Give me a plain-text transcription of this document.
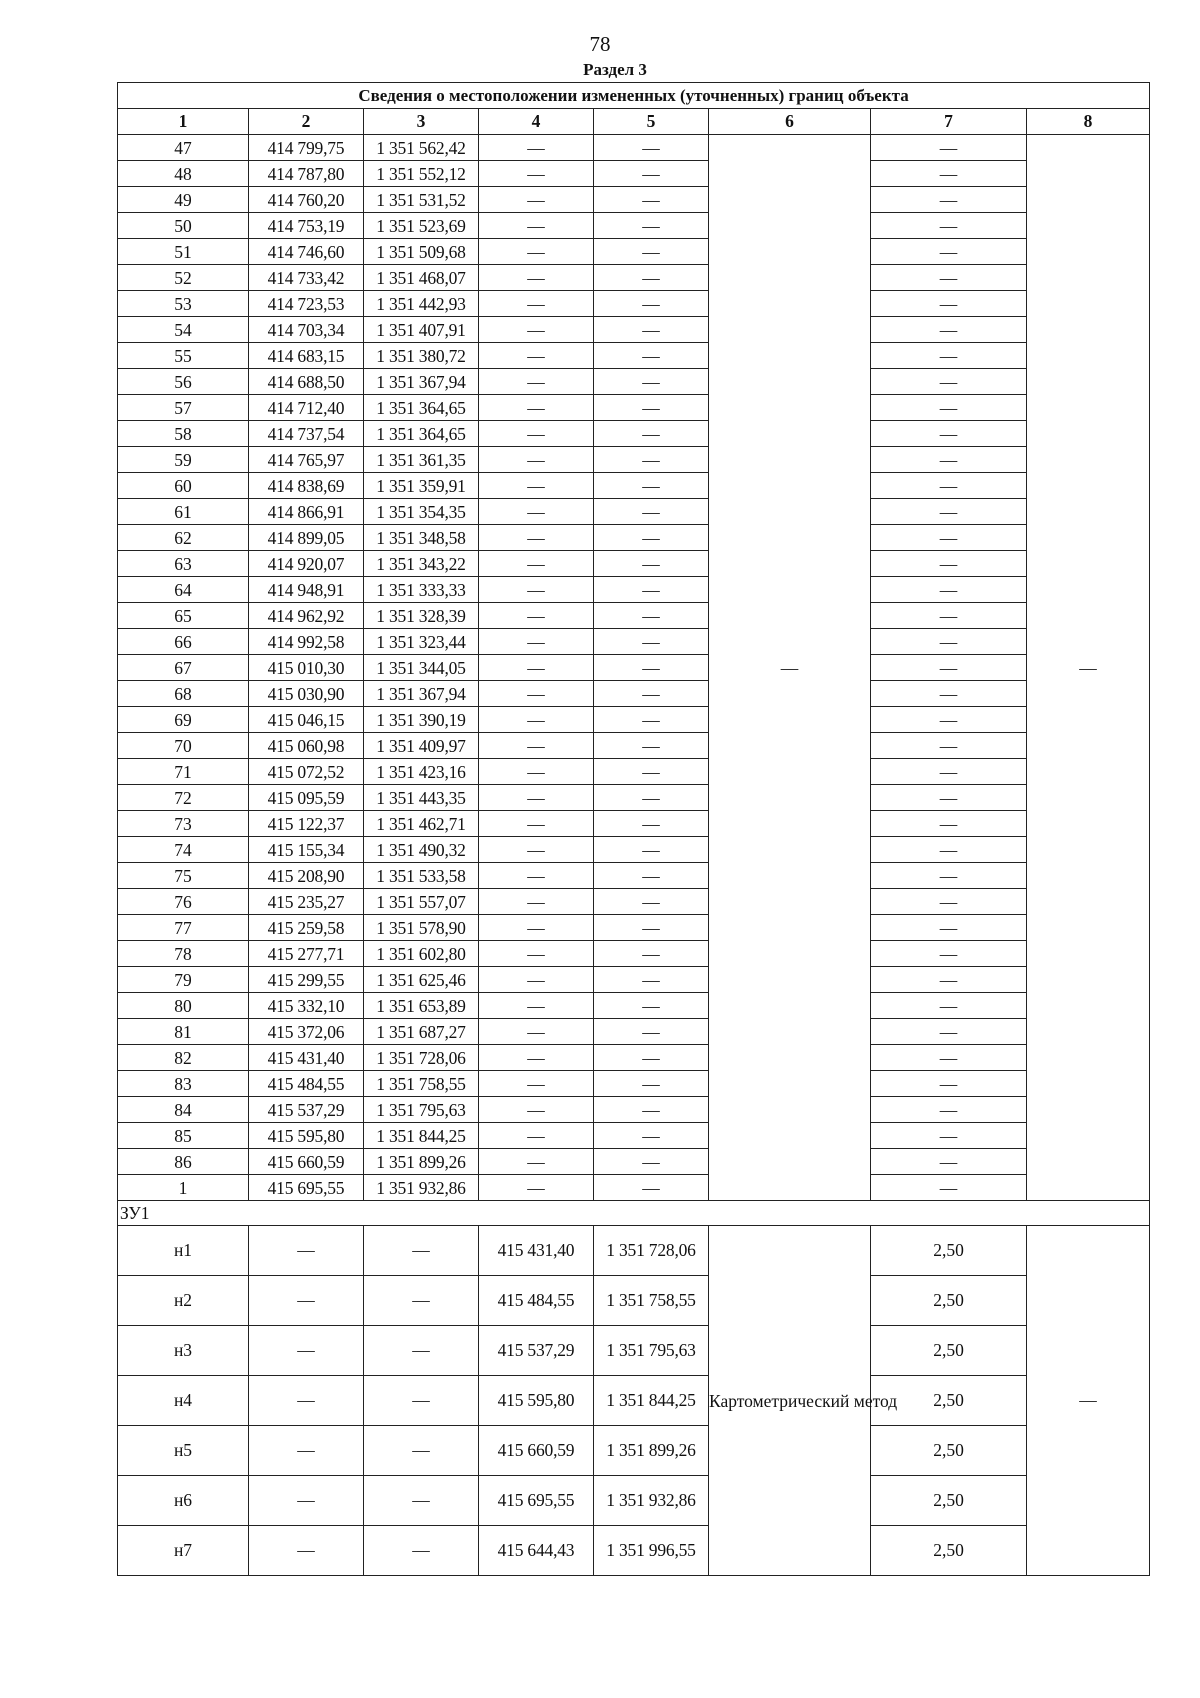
78
Раздел 3
Сведения о местоположении измененных (уточненных) границ объекта							
1	2	3	4	5	6	7	8
47	414 799,75	1 351 562,42	—	—	—	—	—
48	414 787,80	1 351 552,12	—	—		—	
49	414 760,20	1 351 531,52	—	—		—	
50	414 753,19	1 351 523,69	—	—		—	
51	414 746,60	1 351 509,68	—	—		—	
52	414 733,42	1 351 468,07	—	—		—	
53	414 723,53	1 351 442,93	—	—		—	
54	414 703,34	1 351 407,91	—	—		—	
55	414 683,15	1 351 380,72	—	—		—	
56	414 688,50	1 351 367,94	—	—		—	
57	414 712,40	1 351 364,65	—	—		—	
58	414 737,54	1 351 364,65	—	—		—	
59	414 765,97	1 351 361,35	—	—		—	
60	414 838,69	1 351 359,91	—	—		—	
61	414 866,91	1 351 354,35	—	—		—	
62	414 899,05	1 351 348,58	—	—		—	
63	414 920,07	1 351 343,22	—	—		—	
64	414 948,91	1 351 333,33	—	—		—	
65	414 962,92	1 351 328,39	—	—		—	
66	414 992,58	1 351 323,44	—	—		—	
67	415 010,30	1 351 344,05	—	—		—	
68	415 030,90	1 351 367,94	—	—		—	
69	415 046,15	1 351 390,19	—	—		—	
70	415 060,98	1 351 409,97	—	—		—	
71	415 072,52	1 351 423,16	—	—		—	
72	415 095,59	1 351 443,35	—	—		—	
73	415 122,37	1 351 462,71	—	—		—	
74	415 155,34	1 351 490,32	—	—		—	
75	415 208,90	1 351 533,58	—	—		—	
76	415 235,27	1 351 557,07	—	—		—	
77	415 259,58	1 351 578,90	—	—		—	
78	415 277,71	1 351 602,80	—	—		—	
79	415 299,55	1 351 625,46	—	—		—	
80	415 332,10	1 351 653,89	—	—		—	
81	415 372,06	1 351 687,27	—	—		—	
82	415 431,40	1 351 728,06	—	—		—	
83	415 484,55	1 351 758,55	—	—		—	
84	415 537,29	1 351 795,63	—	—		—	
85	415 595,80	1 351 844,25	—	—		—	
86	415 660,59	1 351 899,26	—	—		—	
1	415 695,55	1 351 932,86	—	—		—	
ЗУ1							
н1	—	—	415 431,40	1 351 728,06	Картометрический метод	2,50	—
н2	—	—	415 484,55	1 351 758,55		2,50	
н3	—	—	415 537,29	1 351 795,63		2,50	
н4	—	—	415 595,80	1 351 844,25		2,50	
н5	—	—	415 660,59	1 351 899,26		2,50	
н6	—	—	415 695,55	1 351 932,86		2,50	
н7	—	—	415 644,43	1 351 996,55		2,50	
